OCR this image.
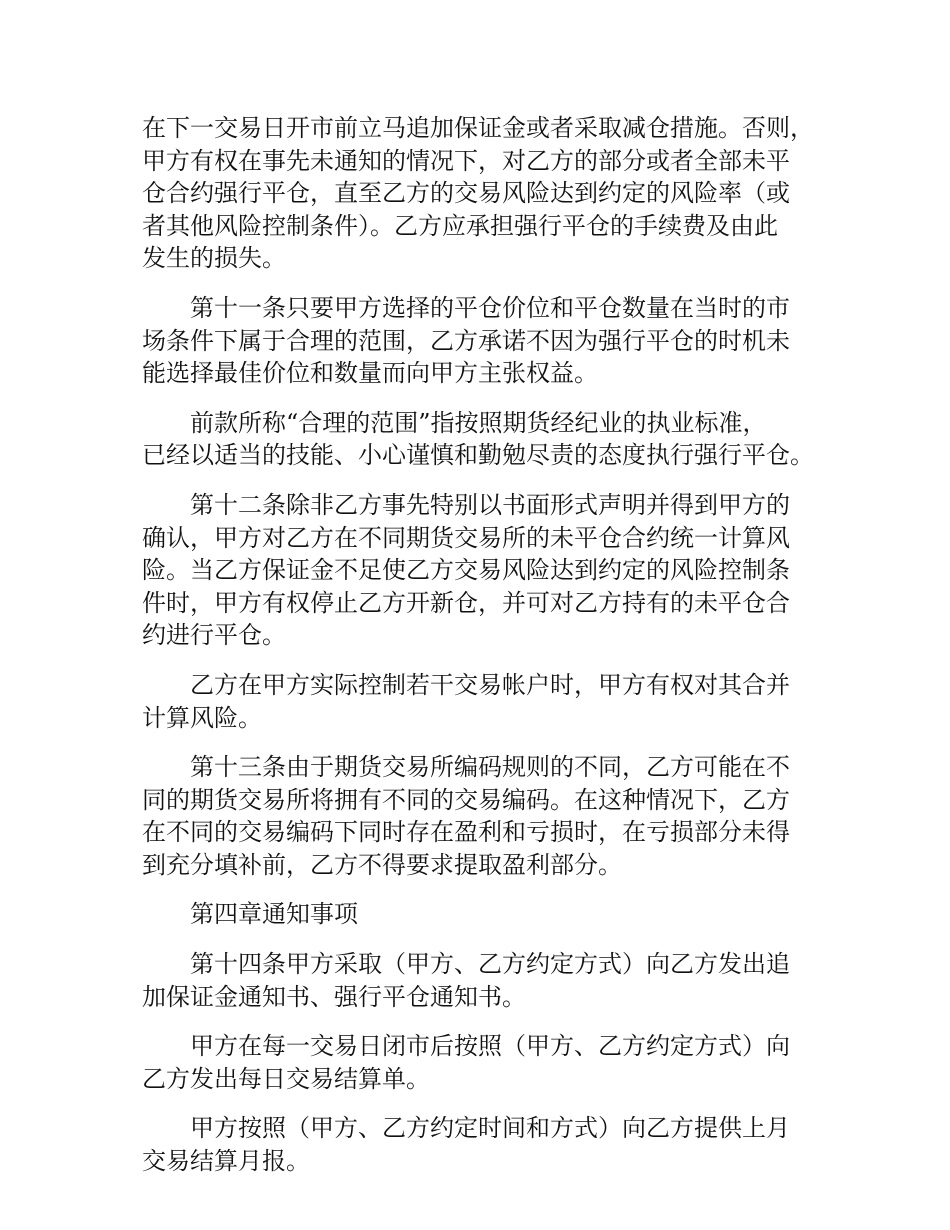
在下一交易日开市前立马追加保证金或者采取减仓措施。否则，
甲方有权在事先未通知的情况下，对乙方的部分或者全部未平
仓合约强行平仓，直至乙方的交易风险达到约定的风险率（或
者其他风险控制条件）。乙方应承担强行平仓的手续费及由此
发生的损失。

第十一条只要甲方选择的平仓价位和平仓数量在当时的市
场条件下属于合理的范围，乙方承诺不因为强行平仓的时机未
能选择最佳价位和数量而向甲方主张权益。

前款所称“合理的范围”指按照期货经纪业的执业标准，
已经以适当的技能、小心谨慎和勤勉尽责的态度执行强行平仓。

第十二条除非乙方事先特别以书面形式声明并得到甲方的
确认，甲方对乙方在不同期货交易所的未平仓合约统一计算风
险。当乙方保证金不足使乙方交易风险达到约定的风险控制条
件时，甲方有权停止乙方开新仓，并可对乙方持有的未平仓合
约进行平仓。

乙方在甲方实际控制若干交易帐户时，甲方有权对其合并
计算风险。

第十三条由于期货交易所编码规则的不同，乙方可能在不
同的期货交易所将拥有不同的交易编码。在这种情况下，乙方
在不同的交易编码下同时存在盈利和亏损时，在亏损部分未得
到充分填补前，乙方不得要求提取盈利部分。

第四章通知事项

第十四条甲方采取（甲方、乙方约定方式）向乙方发出追
加保证金通知书、强行平仓通知书。

甲方在每一交易日闭市后按照（甲方、乙方约定方式）向
乙方发出每日交易结算单。

甲方按照（甲方、乙方约定时间和方式）向乙方提供上月
交易结算月报。
